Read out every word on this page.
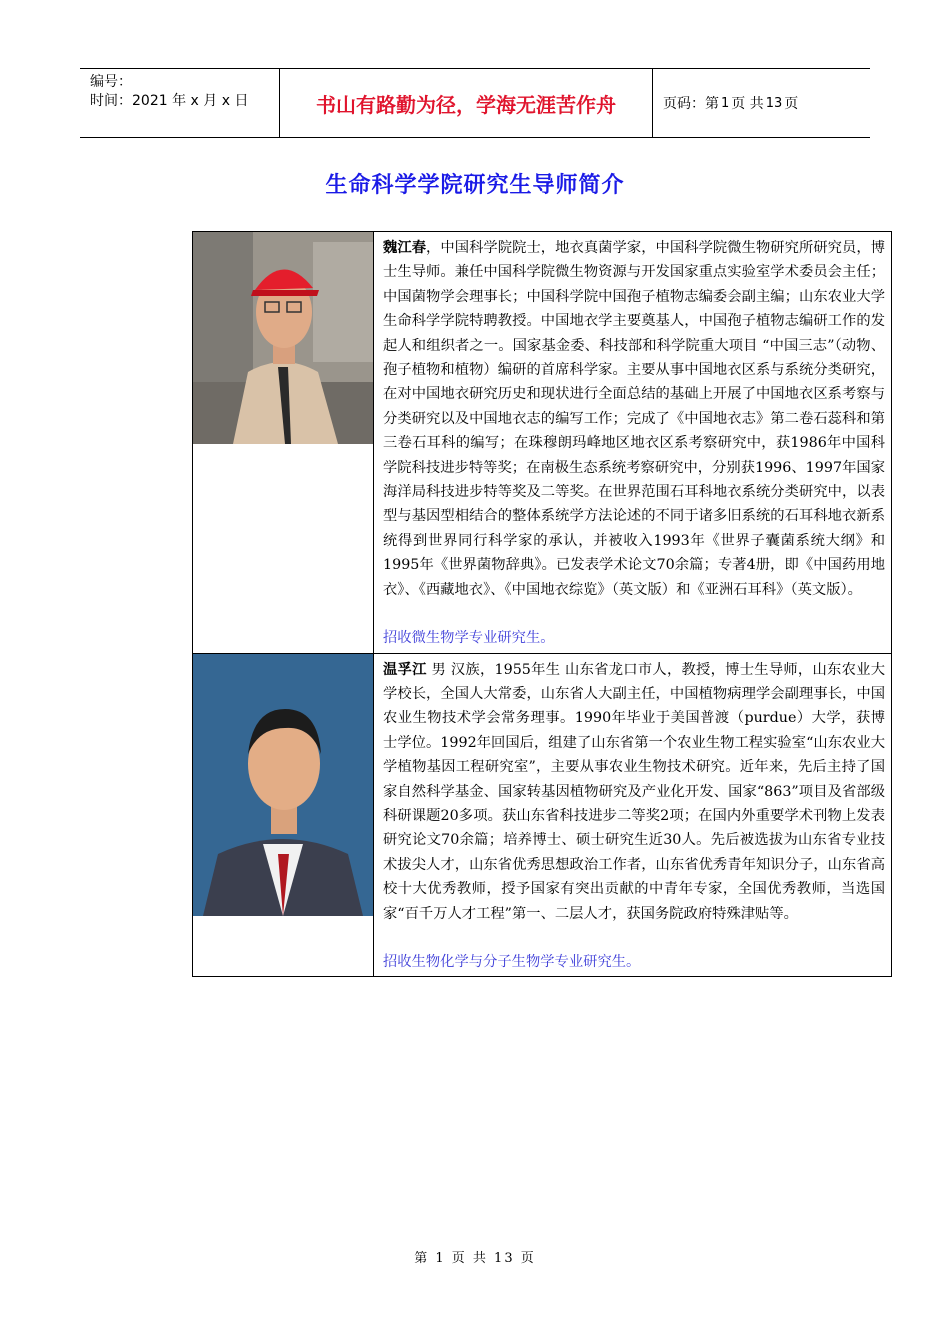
编号：
时间：2021 年 x 月 x 日	书山有路勤为径，学海无涯苦作舟	页码：第 1 页 共 13 页
生命科学学院研究生导师简介
魏江春，中国科学院院士，地衣真菌学家，中国科学院微生物研究所研究员，博士生导师。兼任中国科学院微生物资源与开发国家重点实验室学术委员会主任；中国菌物学会理事长；中国科学院中国孢子植物志编委会副主编；山东农业大学生命科学学院特聘教授。中国地衣学主要奠基人，中国孢子植物志编研工作的发起人和组织者之一。国家基金委、科技部和科学院重大项目 “中国三志”（动物、孢子植物和植物）编研的首席科学家。主要从事中国地衣区系与系统分类研究，在对中国地衣研究历史和现状进行全面总结的基础上开展了中国地衣区系考察与分类研究以及中国地衣志的编写工作；完成了《中国地衣志》第二卷石蕊科和第三卷石耳科的编写；在珠穆朗玛峰地区地衣区系考察研究中，获1986年中国科学院科技进步特等奖；在南极生态系统考察研究中，分别获1996、1997年国家海洋局科技进步特等奖及二等奖。在世界范围石耳科地衣系统分类研究中，以表型与基因型相结合的整体系统学方法论述的不同于诸多旧系统的石耳科地衣新系统得到世界同行科学家的承认，并被收入1993年《世界子囊菌系统大纲》和1995年《世界菌物辞典》。已发表学术论文70余篇；专著4册，即《中国药用地衣》、《西藏地衣》、《中国地衣综览》（英文版）和《亚洲石耳科》（英文版）。
招收微生物学专业研究生。
温孚江 男 汉族，1955年生 山东省龙口市人，教授，博士生导师，山东农业大学校长，全国人大常委，山东省人大副主任，中国植物病理学会副理事长，中国农业生物技术学会常务理事。1990年毕业于美国普渡（purdue）大学，获博士学位。1992年回国后，组建了山东省第一个农业生物工程实验室“山东农业大学植物基因工程研究室”，主要从事农业生物技术研究。近年来，先后主持了国家自然科学基金、国家转基因植物研究及产业化开发、国家“863”项目及省部级科研课题20多项。获山东省科技进步二等奖2项；在国内外重要学术刊物上发表研究论文70余篇；培养博士、硕士研究生近30人。先后被选拔为山东省专业技术拔尖人才，山东省优秀思想政治工作者，山东省优秀青年知识分子，山东省高校十大优秀教师，授予国家有突出贡献的中青年专家，全国优秀教师，当选国家“百千万人才工程”第一、二层人才，获国务院政府特殊津贴等。
招收生物化学与分子生物学专业研究生。
第 1 页 共 13 页
